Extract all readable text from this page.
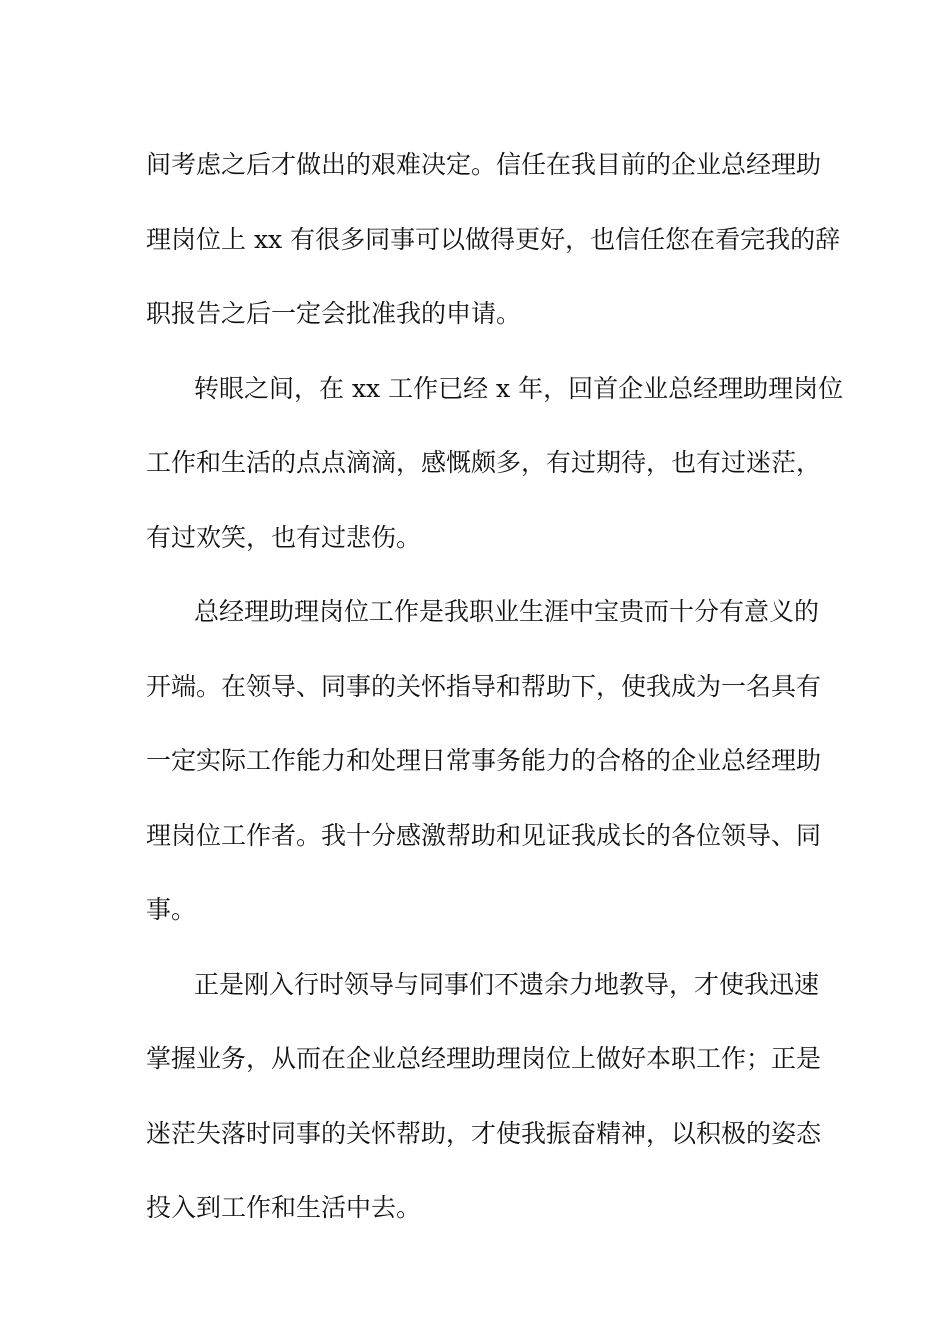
间考虑之后才做出的艰难决定。信任在我目前的企业总经理助
理岗位上 xx 有很多同事可以做得更好，也信任您在看完我的辞
职报告之后一定会批准我的申请。
转眼之间，在 xx 工作已经 x 年，回首企业总经理助理岗位
工作和生活的点点滴滴，感慨颇多，有过期待，也有过迷茫，
有过欢笑，也有过悲伤。
总经理助理岗位工作是我职业生涯中宝贵而十分有意义的
开端。在领导、同事的关怀指导和帮助下，使我成为一名具有
一定实际工作能力和处理日常事务能力的合格的企业总经理助
理岗位工作者。我十分感激帮助和见证我成长的各位领导、同
事。
正是刚入行时领导与同事们不遗余力地教导，才使我迅速
掌握业务，从而在企业总经理助理岗位上做好本职工作；正是
迷茫失落时同事的关怀帮助，才使我振奋精神，以积极的姿态
投入到工作和生活中去。
